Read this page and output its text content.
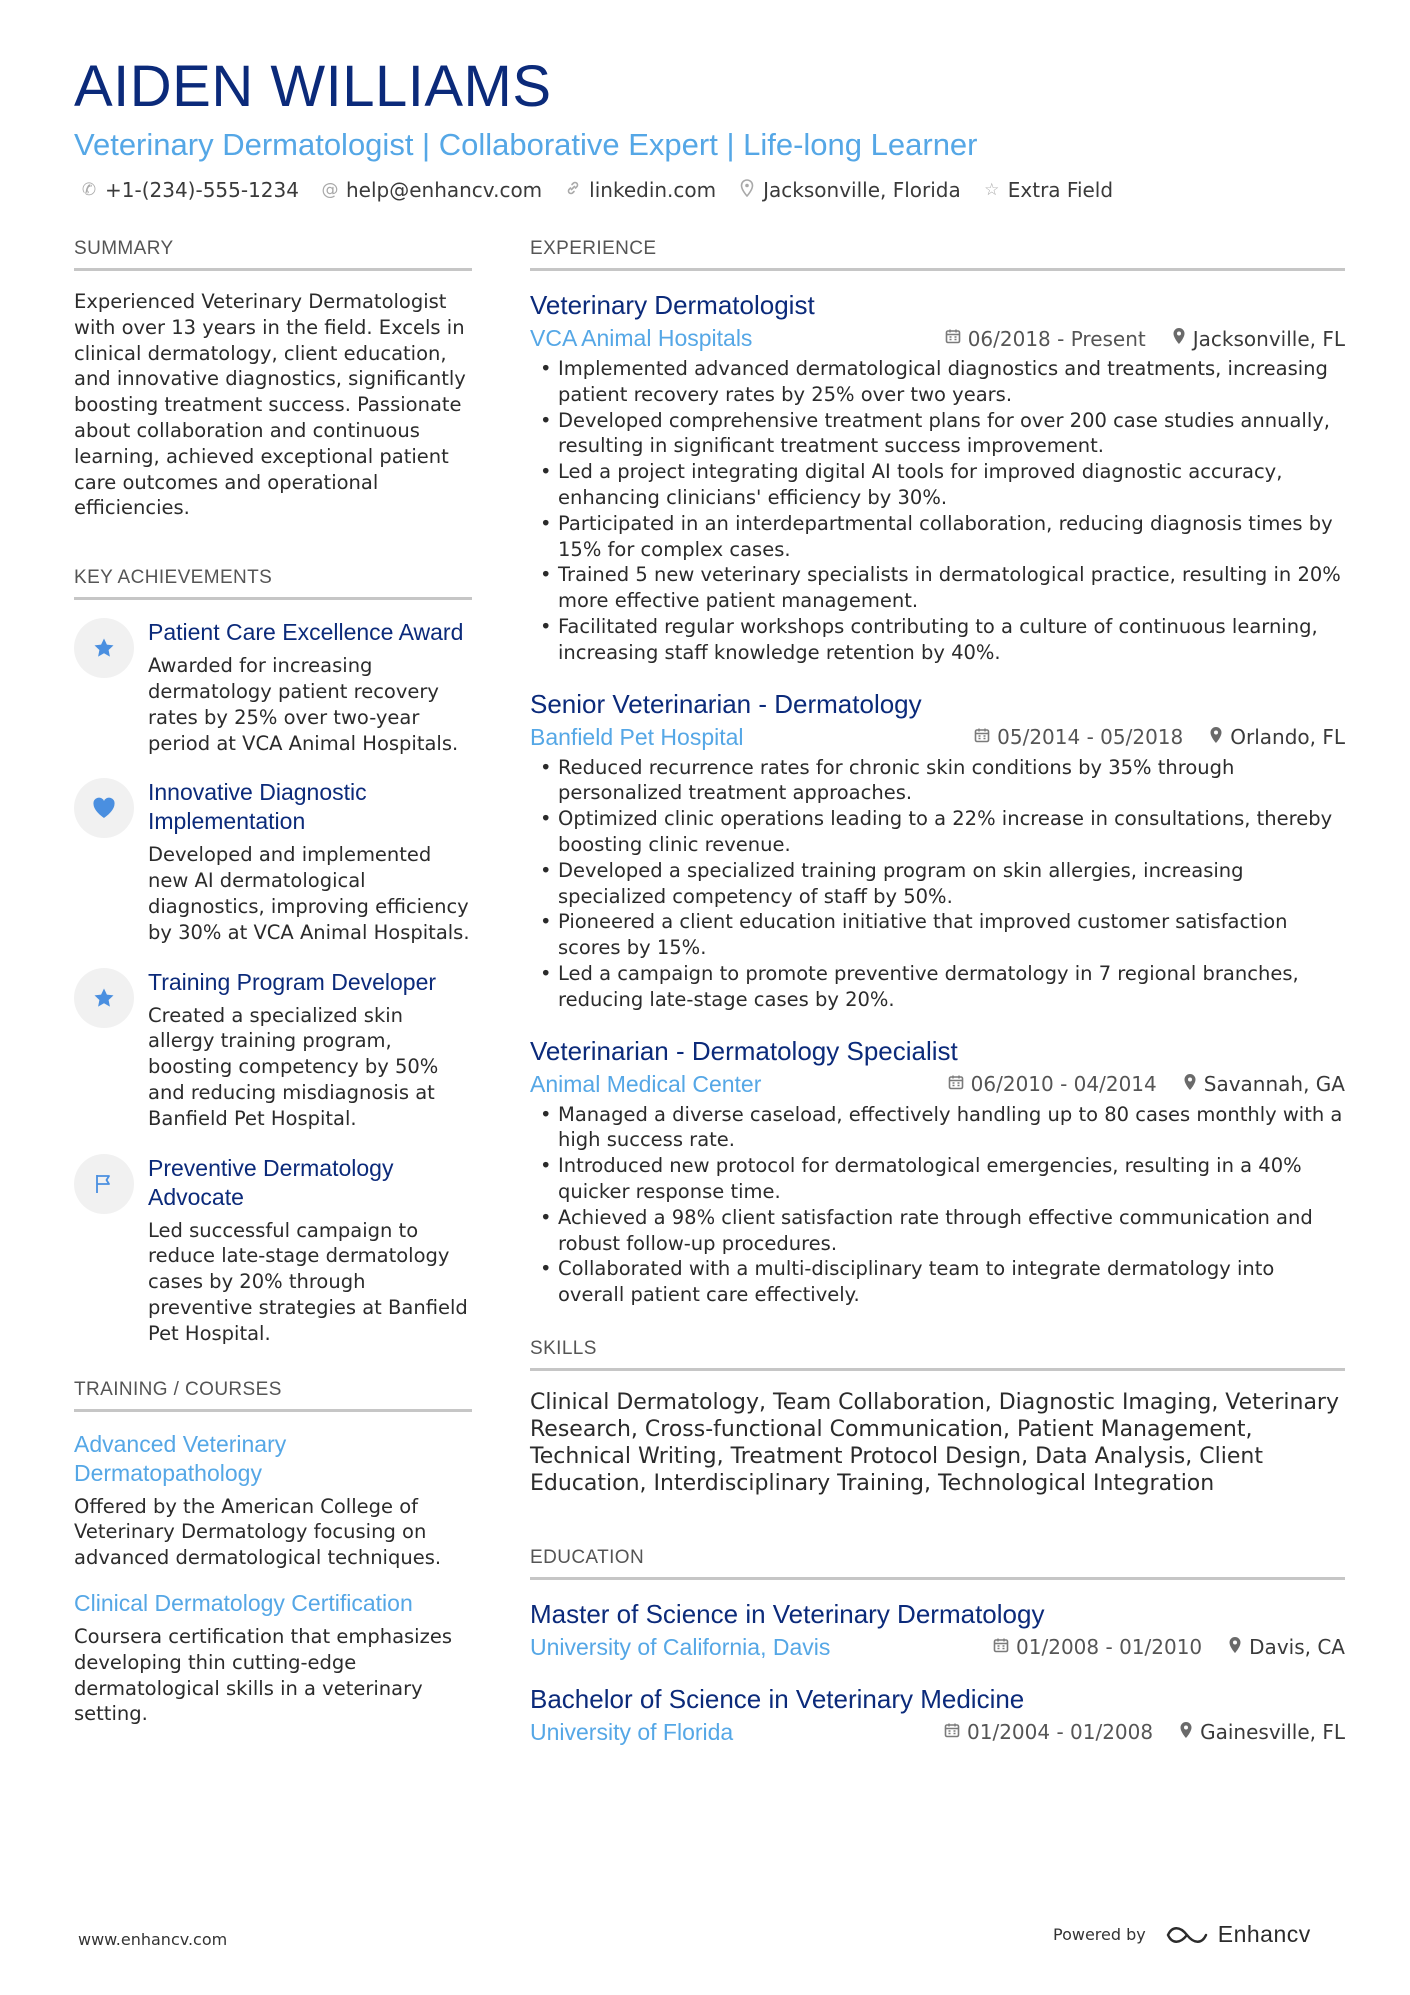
AIDEN WILLIAMS
Veterinary Dermatologist | Collaborative Expert | Life-long Learner
✆ +1-(234)-555-1234 @ help@enhancv.com linkedin.com Jacksonville, Florida ☆ Extra Field
SUMMARY
Experienced Veterinary Dermatologist with over 13 years in the field. Excels in clinical dermatology, client education, and innovative diagnostics, significantly boosting treatment success. Passionate about collaboration and continuous learning, achieved exceptional patient care outcomes and operational efficiencies.
KEY ACHIEVEMENTS
Patient Care Excellence Award
Awarded for increasing dermatology patient recovery rates by 25% over two-year period at VCA Animal Hospitals.
Innovative Diagnostic Implementation
Developed and implemented new AI dermatological diagnostics, improving efficiency by 30% at VCA Animal Hospitals.
Training Program Developer
Created a specialized skin allergy training program, boosting competency by 50% and reducing misdiagnosis at Banfield Pet Hospital.
Preventive Dermatology Advocate
Led successful campaign to reduce late-stage dermatology cases by 20% through preventive strategies at Banfield Pet Hospital.
TRAINING / COURSES
Advanced Veterinary Dermatopathology
Offered by the American College of Veterinary Dermatology focusing on advanced dermatological techniques.
Clinical Dermatology Certification
Coursera certification that emphasizes developing thin cutting-edge dermatological skills in a veterinary setting.
EXPERIENCE
Veterinary Dermatologist
VCA Animal Hospitals	06/2018 - Present Jacksonville, FL
• Implemented advanced dermatological diagnostics and treatments, increasing patient recovery rates by 25% over two years.
• Developed comprehensive treatment plans for over 200 case studies annually, resulting in significant treatment success improvement.
• Led a project integrating digital AI tools for improved diagnostic accuracy, enhancing clinicians' efficiency by 30%.
• Participated in an interdepartmental collaboration, reducing diagnosis times by 15% for complex cases.
• Trained 5 new veterinary specialists in dermatological practice, resulting in 20% more effective patient management.
• Facilitated regular workshops contributing to a culture of continuous learning, increasing staff knowledge retention by 40%.
Senior Veterinarian - Dermatology
Banfield Pet Hospital	05/2014 - 05/2018 Orlando, FL
• Reduced recurrence rates for chronic skin conditions by 35% through personalized treatment approaches.
• Optimized clinic operations leading to a 22% increase in consultations, thereby boosting clinic revenue.
• Developed a specialized training program on skin allergies, increasing specialized competency of staff by 50%.
• Pioneered a client education initiative that improved customer satisfaction scores by 15%.
• Led a campaign to promote preventive dermatology in 7 regional branches, reducing late-stage cases by 20%.
Veterinarian - Dermatology Specialist
Animal Medical Center	06/2010 - 04/2014 Savannah, GA
• Managed a diverse caseload, effectively handling up to 80 cases monthly with a high success rate.
• Introduced new protocol for dermatological emergencies, resulting in a 40% quicker response time.
• Achieved a 98% client satisfaction rate through effective communication and robust follow-up procedures.
• Collaborated with a multi-disciplinary team to integrate dermatology into overall patient care effectively.
SKILLS
Clinical Dermatology, Team Collaboration, Diagnostic Imaging, Veterinary Research, Cross-functional Communication, Patient Management, Technical Writing, Treatment Protocol Design, Data Analysis, Client Education, Interdisciplinary Training, Technological Integration
EDUCATION
Master of Science in Veterinary Dermatology
University of California, Davis	01/2008 - 01/2010 Davis, CA
Bachelor of Science in Veterinary Medicine
University of Florida	01/2004 - 01/2008 Gainesville, FL
www.enhancv.com	Powered by	Enhancv
